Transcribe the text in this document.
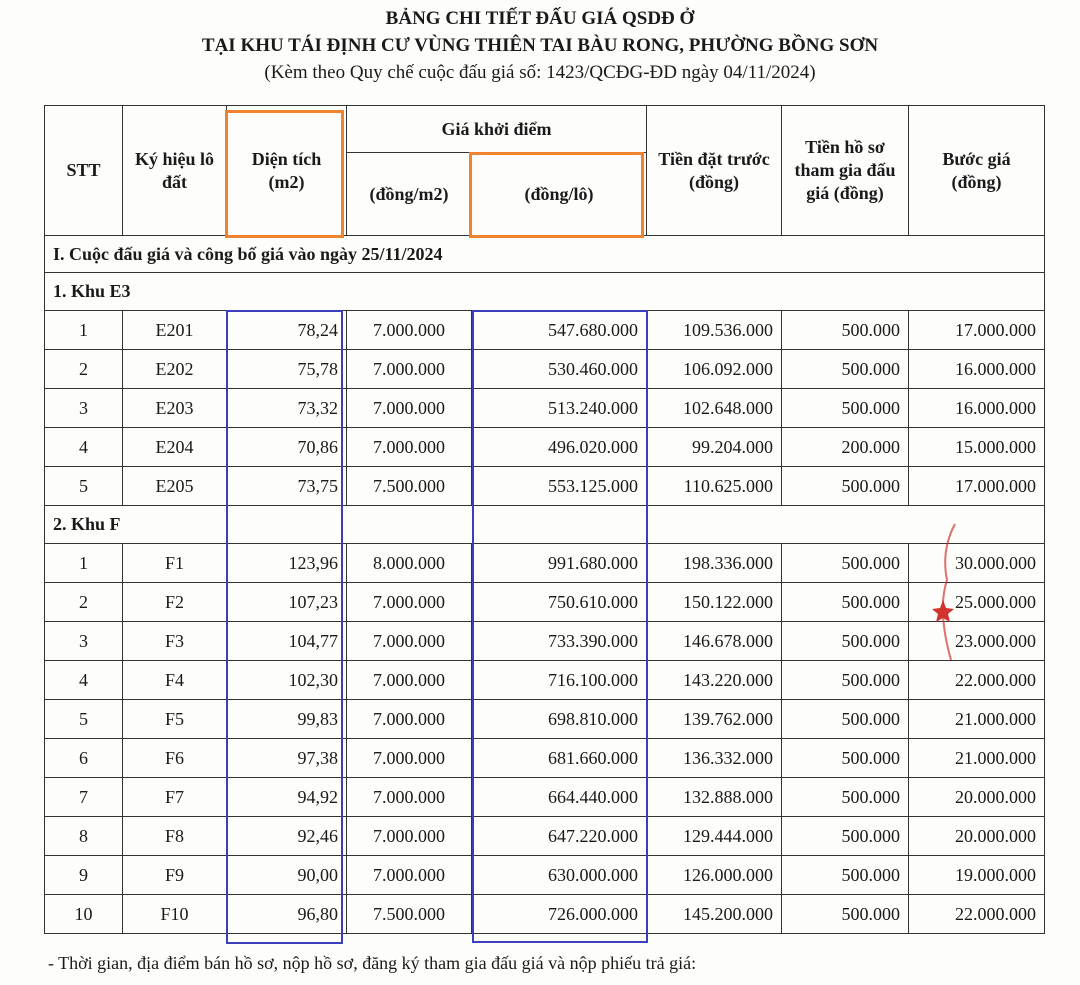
BẢNG CHI TIẾT ĐẤU GIÁ QSDĐ Ở
TẠI KHU TÁI ĐỊNH CƯ VÙNG THIÊN TAI BÀU RONG, PHƯỜNG BỒNG SƠN
(Kèm theo Quy chế cuộc đấu giá số: 1423/QCĐG-ĐD ngày 04/11/2024)
STT	Ký hiệu lô đất	Diện tích (m2)	Giá khởi điểm		Tiền đặt trước (đồng)	Tiền hồ sơ tham gia đấu giá (đồng)	Bước giá (đồng)
			(đồng/m2)	(đồng/lô)			
I. Cuộc đấu giá và công bố giá vào ngày 25/11/2024							
1. Khu E3							
1	E201	78,24	7.000.000	547.680.000	109.536.000	500.000	17.000.000
2	E202	75,78	7.000.000	530.460.000	106.092.000	500.000	16.000.000
3	E203	73,32	7.000.000	513.240.000	102.648.000	500.000	16.000.000
4	E204	70,86	7.000.000	496.020.000	99.204.000	200.000	15.000.000
5	E205	73,75	7.500.000	553.125.000	110.625.000	500.000	17.000.000
2. Khu F							
1	F1	123,96	8.000.000	991.680.000	198.336.000	500.000	30.000.000
2	F2	107,23	7.000.000	750.610.000	150.122.000	500.000	25.000.000
3	F3	104,77	7.000.000	733.390.000	146.678.000	500.000	23.000.000
4	F4	102,30	7.000.000	716.100.000	143.220.000	500.000	22.000.000
5	F5	99,83	7.000.000	698.810.000	139.762.000	500.000	21.000.000
6	F6	97,38	7.000.000	681.660.000	136.332.000	500.000	21.000.000
7	F7	94,92	7.000.000	664.440.000	132.888.000	500.000	20.000.000
8	F8	92,46	7.000.000	647.220.000	129.444.000	500.000	20.000.000
9	F9	90,00	7.000.000	630.000.000	126.000.000	500.000	19.000.000
10	F10	96,80	7.500.000	726.000.000	145.200.000	500.000	22.000.000
- Thời gian, địa điểm bán hồ sơ, nộp hồ sơ, đăng ký tham gia đấu giá và nộp phiếu trả giá:
